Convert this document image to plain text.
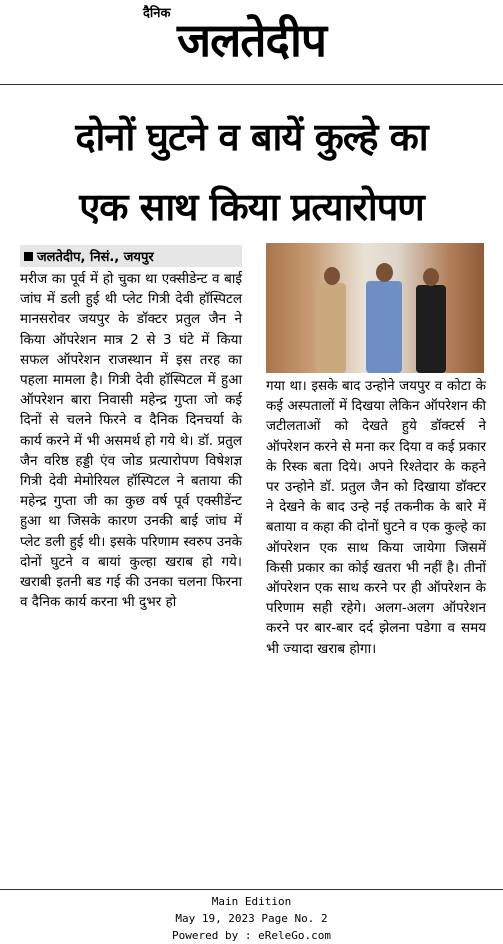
दैनिक जलतेदीप
दोनों घुटने व बायें कुल्हे का
एक साथ किया प्रत्यारोपण
जलतेदीप, निसं., जयपुर

मरीज का पूर्व में हो चुका था एक्सीडेन्ट व बाई जांघ में डली हुई थी प्लेट गित्री देवी हॉस्पिटल मानसरोवर जयपुर के डॉक्टर प्रतुल जैन ने किया ऑपरेशन मात्र 2 से 3 घंटे में किया सफल ऑपरेशन राजस्थान में इस तरह का पहला मामला है। गित्री देवी हॉस्पिटल में हुआ ऑपरेशन बारा निवासी महेन्द्र गुप्ता जो कई दिनों से चलने फिरने व दैनिक दिनचर्या के कार्य करने में भी असमर्थ हो गये थे। डॉ. प्रतुल जैन वरिष्ठ हड्डी एंव जोड प्रत्यारोपण विषेशज्ञ गित्री देवी मेमोरियल हॉस्पिटल ने बताया की महेन्द्र गुप्ता जी का कुछ वर्ष पूर्व एक्सीडेंन्ट हुआ था जिसके कारण उनकी बाई जांघ में प्लेट डली हुई थी। इसके परिणाम स्वरुप उनके दोनों घुटने व बायां कुल्हा खराब हो गये। खराबी इतनी बड गई की उनका चलना फिरना व दैनिक कार्य करना भी दुभर हो

गया था। इसके बाद उन्होने जयपुर व कोटा के कई अस्पतालों में दिखया लेकिन ऑपरेशन की जटीलताओं को देखते हुये डॉक्टर्स ने ऑपरेशन करने से मना कर दिया व कई प्रकार के रिस्क बता दिये। अपने रिश्तेदार के कहने पर उन्होने डॉ. प्रतुल जैन को दिखाया डॉक्टर ने देखने के बाद उन्हे नई तकनीक के बारे में बताया व कहा की दोनों घुटने व एक कुल्हे का ऑपरेशन एक साथ किया जायेगा जिसमें किसी प्रकार का कोई खतरा भी नहीं है। तीनों ऑपरेशन एक साथ करने पर ही ऑपरेशन के परिणाम सही रहेगे। अलग-अलग ऑपरेशन करने पर बार-बार दर्द झेलना पडेगा व समय भी ज्यादा खराब होगा।

Main Edition
May 19, 2023 Page No. 2
Powered by : eReleGo.com
